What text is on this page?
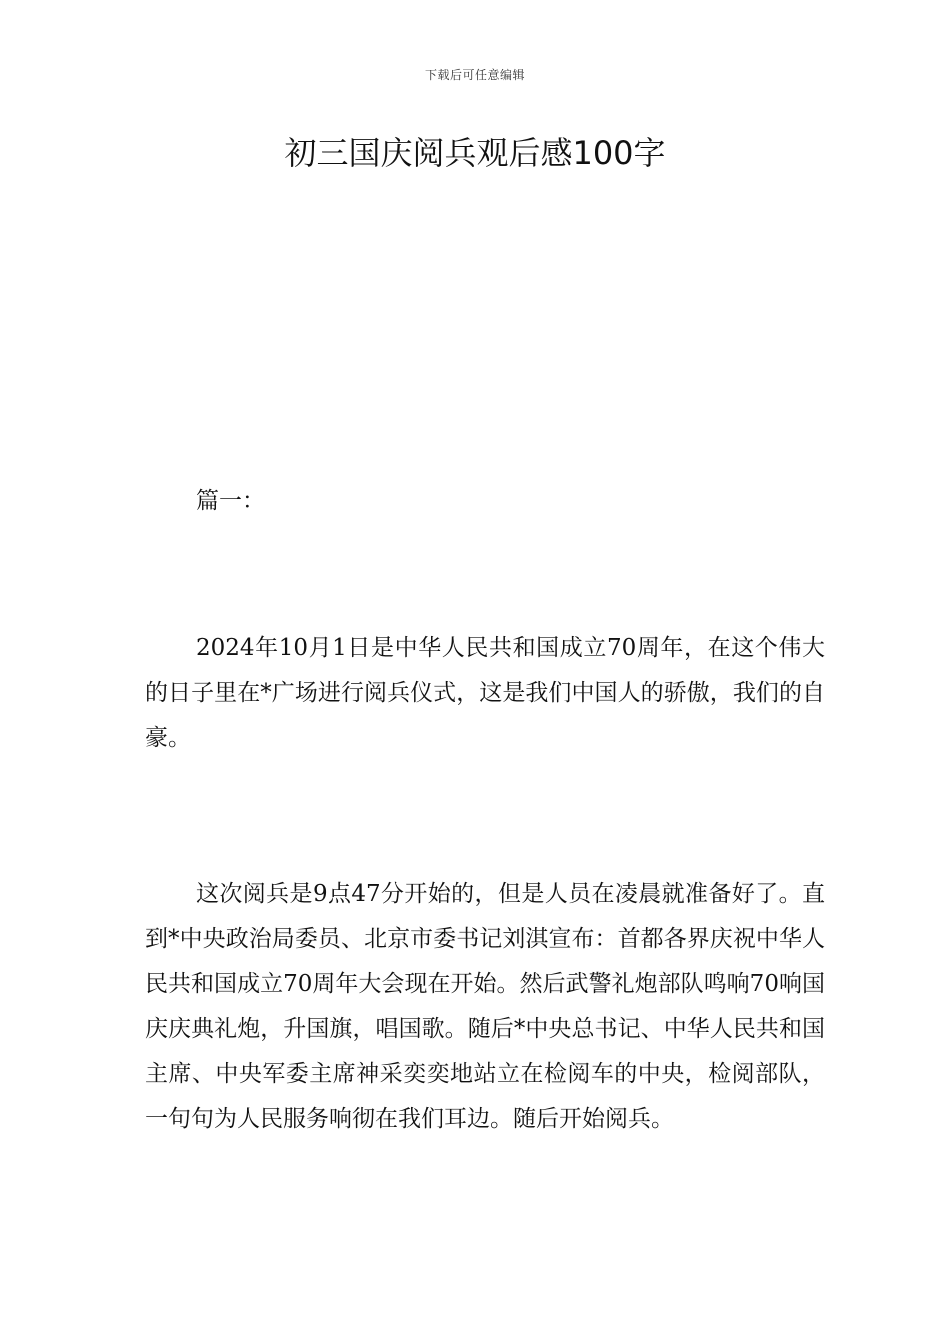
下载后可任意编辑
初三国庆阅兵观后感100字

篇一：

2024年10月1日是中华人民共和国成立70周年，在这个伟大的日子里在*广场进行阅兵仪式，这是我们中国人的骄傲，我们的自豪。

这次阅兵是9点47分开始的，但是人员在凌晨就准备好了。直到*中央政治局委员、北京市委书记刘淇宣布：首都各界庆祝中华人民共和国成立70周年大会现在开始。然后武警礼炮部队鸣响70响国庆庆典礼炮，升国旗，唱国歌。随后*中央总书记、中华人民共和国主席、中央军委主席神采奕奕地站立在检阅车的中央，检阅部队，一句句为人民服务响彻在我们耳边。随后开始阅兵。
